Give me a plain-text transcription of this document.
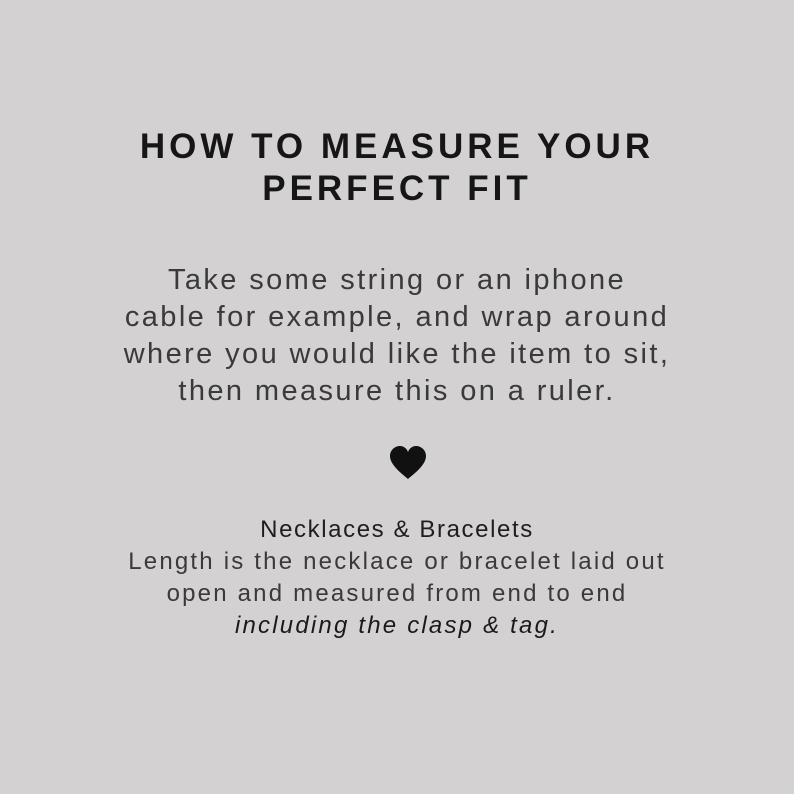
HOW TO MEASURE YOUR
PERFECT FIT

Take some string or an iphone
cable for example, and wrap around
where you would like the item to sit,
then measure this on a ruler.

Necklaces & Bracelets

Length is the necklace or bracelet laid out
open and measured from end to end
including the clasp & tag.
